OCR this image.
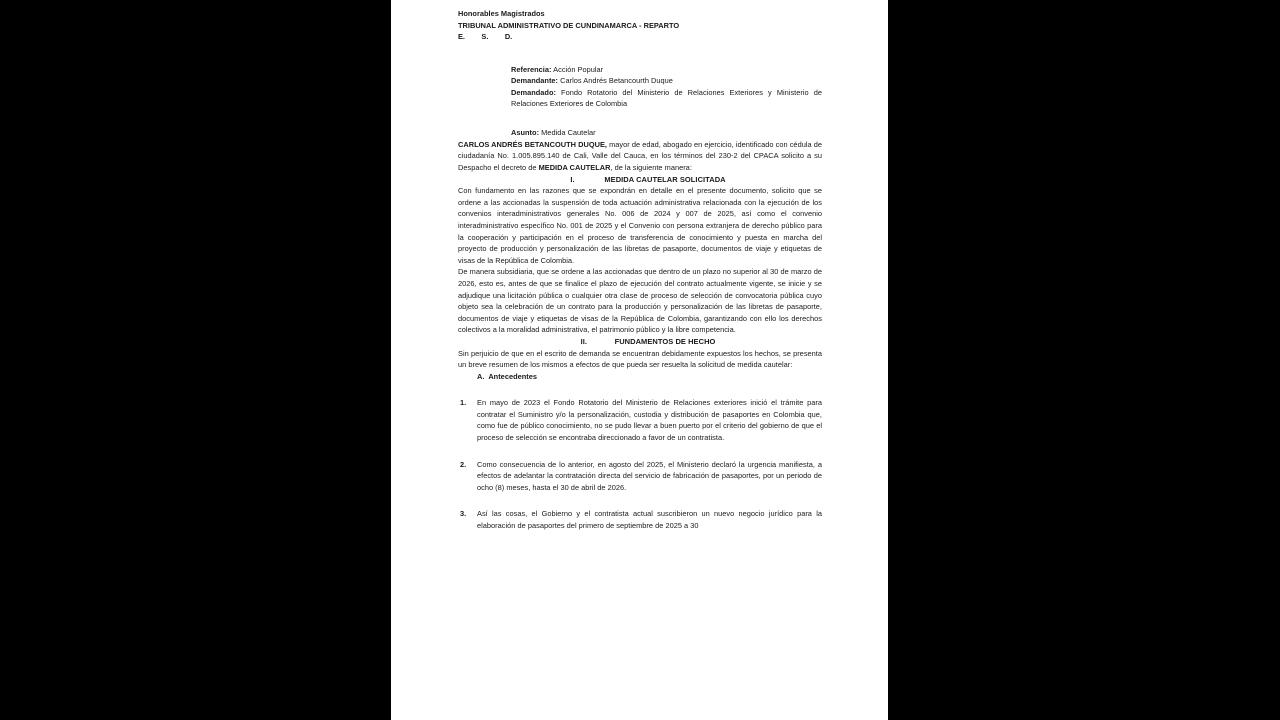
Honorables Magistrados
TRIBUNAL ADMINISTRATIVO DE CUNDINAMARCA - REPARTO
E.        S.        D.
Referencia: Acción Popular
Demandante: Carlos Andrés Betancourth Duque
Demandado: Fondo Rotatorio del Ministerio de Relaciones Exteriores y Ministerio de Relaciones Exteriores de Colombia
Asunto: Medida Cautelar

CARLOS ANDRÉS BETANCOUTH DUQUE, mayor de edad, abogado en ejercicio, identificado con cédula de ciudadanía No. 1.005.895.140 de Cali, Valle del Cauca, en los términos del 230-2 del CPACA solicito a su Despacho el decreto de MEDIDA CAUTELAR, de la siguiente manera:

I.	MEDIDA CAUTELAR SOLICITADA

Con fundamento en las razones que se expondrán en detalle en el presente documento, solicito que se ordene a las accionadas la suspensión de toda actuación administrativa relacionada con la ejecución de los convenios interadministrativos generales No. 006 de 2024 y 007 de 2025, así como el convenio interadministrativo específico No. 001 de 2025 y el Convenio con persona extranjera de derecho público para la cooperación y participación en el proceso de transferencia de conocimiento y puesta en marcha del proyecto de producción y personalización de las libretas de pasaporte, documentos de viaje y etiquetas de visas de la República de Colombia.

De manera subsidiaria, que se ordene a las accionadas que dentro de un plazo no superior al 30 de marzo de 2026, esto es, antes de que se finalice el plazo de ejecución del contrato actualmente vigente, se inicie y se adjudique una licitación pública o cualquier otra clase de proceso de selección de convocatoria pública cuyo objeto sea la celebración de un contrato para la producción y personalización de las libretas de pasaporte, documentos de viaje y etiquetas de visas de la República de Colombia, garantizando con ello los derechos colectivos a la moralidad administrativa, el patrimonio público y la libre competencia.

II.	FUNDAMENTOS DE HECHO

Sin perjuicio de que en el escrito de demanda se encuentran debidamente expuestos los hechos, se presenta un breve resumen de los mismos a efectos de que pueda ser resuelta la solicitud de medida cautelar:

A. Antecedentes
1. En mayo de 2023 el Fondo Rotatorio del Ministerio de Relaciones exteriores inició el trámite para contratar el Suministro y/o la personalización, custodia y distribución de pasaportes en Colombia que, como fue de público conocimiento, no se pudo llevar a buen puerto por el criterio del gobierno de que el proceso de selección se encontraba direccionado a favor de un contratista.
2. Como consecuencia de lo anterior, en agosto del 2025, el Ministerio declaró la urgencia manifiesta, a efectos de adelantar la contratación directa del servicio de fabricación de pasaportes, por un periodo de ocho (8) meses, hasta el 30 de abril de 2026.
3. Así las cosas, el Gobierno y el contratista actual suscribieron un nuevo negocio jurídico para la elaboración de pasaportes del primero de septiembre de 2025 a 30
